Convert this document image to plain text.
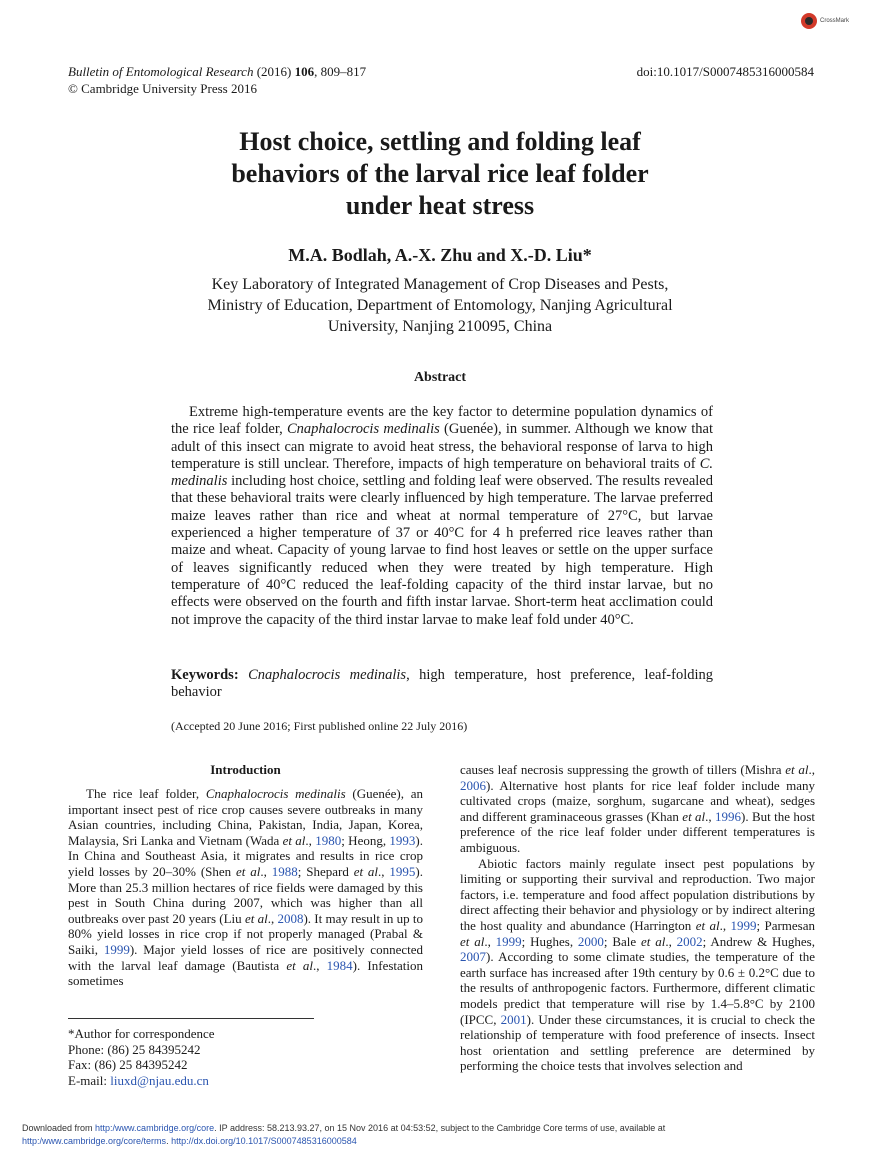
CrossMark
Bulletin of Entomological Research (2016) 106, 809–817
© Cambridge University Press 2016
doi:10.1017/S0007485316000584
Host choice, settling and folding leaf
behaviors of the larval rice leaf folder
under heat stress
M.A. Bodlah, A.-X. Zhu and X.-D. Liu*
Key Laboratory of Integrated Management of Crop Diseases and Pests,
Ministry of Education, Department of Entomology, Nanjing Agricultural
University, Nanjing 210095, China
Abstract
Extreme high-temperature events are the key factor to determine population dynamics of the rice leaf folder, Cnaphalocrocis medinalis (Guenée), in summer. Although we know that adult of this insect can migrate to avoid heat stress, the behavioral response of larva to high temperature is still unclear. Therefore, impacts of high temperature on behavioral traits of C. medinalis including host choice, settling and folding leaf were observed. The results revealed that these behavioral traits were clearly influenced by high temperature. The larvae preferred maize leaves rather than rice and wheat at normal temperature of 27°C, but larvae experienced a higher temperature of 37 or 40°C for 4 h preferred rice leaves rather than maize and wheat. Capacity of young larvae to find host leaves or settle on the upper surface of leaves significantly reduced when they were treated by high temperature. High temperature of 40°C reduced the leaf-folding capacity of the third instar larvae, but no effects were observed on the fourth and fifth instar larvae. Short-term heat acclimation could not improve the capacity of the third instar larvae to make leaf fold under 40°C.
Keywords: Cnaphalocrocis medinalis, high temperature, host preference, leaf-folding behavior
(Accepted 20 June 2016; First published online 22 July 2016)
Introduction

The rice leaf folder, Cnaphalocrocis medinalis (Guenée), an important insect pest of rice crop causes severe outbreaks in many Asian countries, including China, Pakistan, India, Japan, Korea, Malaysia, Sri Lanka and Vietnam (Wada et al., 1980; Heong, 1993). In China and Southeast Asia, it migrates and results in rice crop yield losses by 20–30% (Shen et al., 1988; Shepard et al., 1995). More than 25.3 million hectares of rice fields were damaged by this pest in South China during 2007, which was higher than all outbreaks over past 20 years (Liu et al., 2008). It may result in up to 80% yield losses in rice crop if not properly managed (Prabal & Saiki, 1999). Major yield losses of rice are positively connected with the larval leaf damage (Bautista et al., 1984). Infestation sometimes

causes leaf necrosis suppressing the growth of tillers (Mishra et al., 2006). Alternative host plants for rice leaf folder include many cultivated crops (maize, sorghum, sugarcane and wheat), sedges and different graminaceous grasses (Khan et al., 1996). But the host preference of the rice leaf folder under different temperatures is ambiguous.

Abiotic factors mainly regulate insect pest populations by limiting or supporting their survival and reproduction. Two major factors, i.e. temperature and food affect population distributions by direct affecting their behavior and physiology or by indirect altering the host quality and abundance (Harrington et al., 1999; Parmesan et al., 1999; Hughes, 2000; Bale et al., 2002; Andrew & Hughes, 2007). According to some climate studies, the temperature of the earth surface has increased after 19th century by 0.6 ± 0.2°C due to the results of anthropogenic factors. Furthermore, different climatic models predict that temperature will rise by 1.4–5.8°C by 2100 (IPCC, 2001). Under these circumstances, it is crucial to check the relationship of temperature with food preference of insects. Insect host orientation and settling preference are determined by performing the choice tests that involves selection and

*Author for correspondence
Phone: (86) 25 84395242
Fax: (86) 25 84395242
E-mail: liuxd@njau.edu.cn
Downloaded from http:/www.cambridge.org/core. IP address: 58.213.93.27, on 15 Nov 2016 at 04:53:52, subject to the Cambridge Core terms of use, available at
http:/www.cambridge.org/core/terms. http://dx.doi.org/10.1017/S0007485316000584
